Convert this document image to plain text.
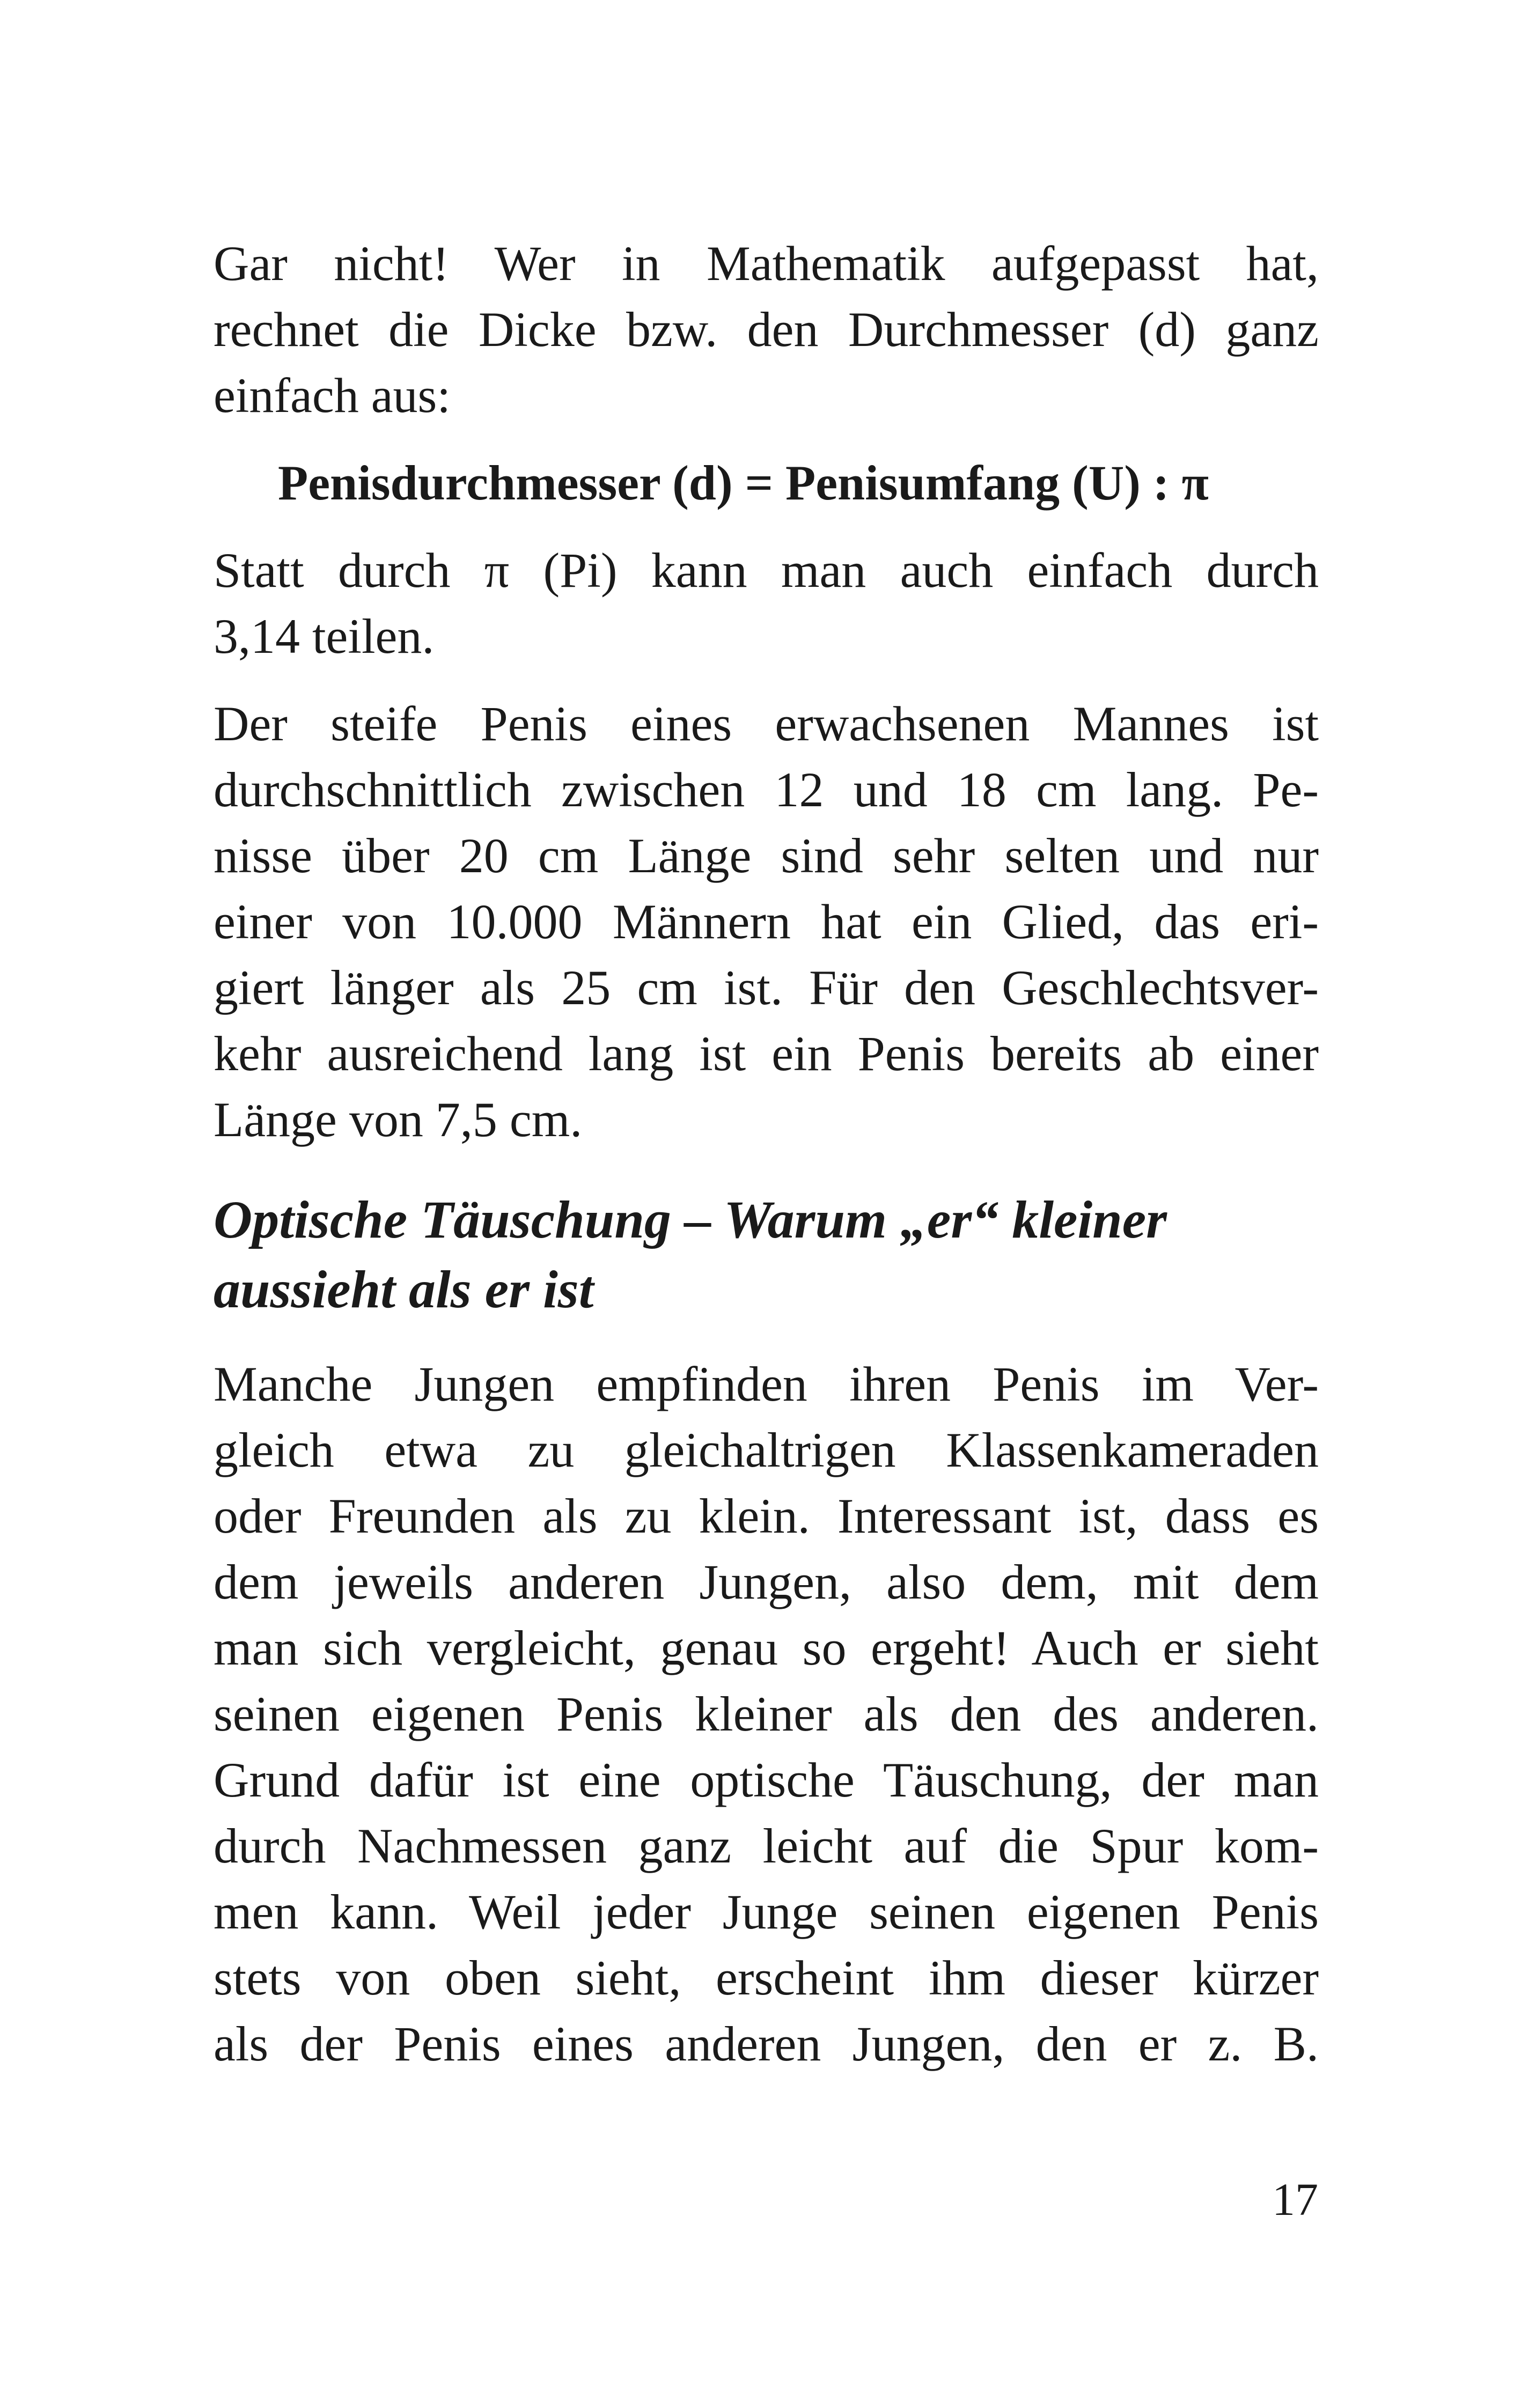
Gar nicht! Wer in Mathematik aufgepasst hat,
rechnet die Dicke bzw. den Durchmesser (d) ganz
einfach aus:

Penisdurchmesser (d) = Penisumfang (U) : π

Statt durch π (Pi) kann man auch einfach durch
3,14 teilen.

Der steife Penis eines erwachsenen Mannes ist
durchschnittlich zwischen 12 und 18 cm lang. Pe-
nisse über 20 cm Länge sind sehr selten und nur
einer von 10.000 Männern hat ein Glied, das eri-
giert länger als 25 cm ist. Für den Geschlechtsver-
kehr ausreichend lang ist ein Penis bereits ab einer
Länge von 7,5 cm.

Optische Täuschung – Warum „er“ kleiner
aussieht als er ist

Manche Jungen empfinden ihren Penis im Ver-
gleich etwa zu gleichaltrigen Klassenkameraden
oder Freunden als zu klein. Interessant ist, dass es
dem jeweils anderen Jungen, also dem, mit dem
man sich vergleicht, genau so ergeht! Auch er sieht
seinen eigenen Penis kleiner als den des anderen.
Grund dafür ist eine optische Täuschung, der man
durch Nachmessen ganz leicht auf die Spur kom-
men kann. Weil jeder Junge seinen eigenen Penis
stets von oben sieht, erscheint ihm dieser kürzer
als der Penis eines anderen Jungen, den er z. B.

17
